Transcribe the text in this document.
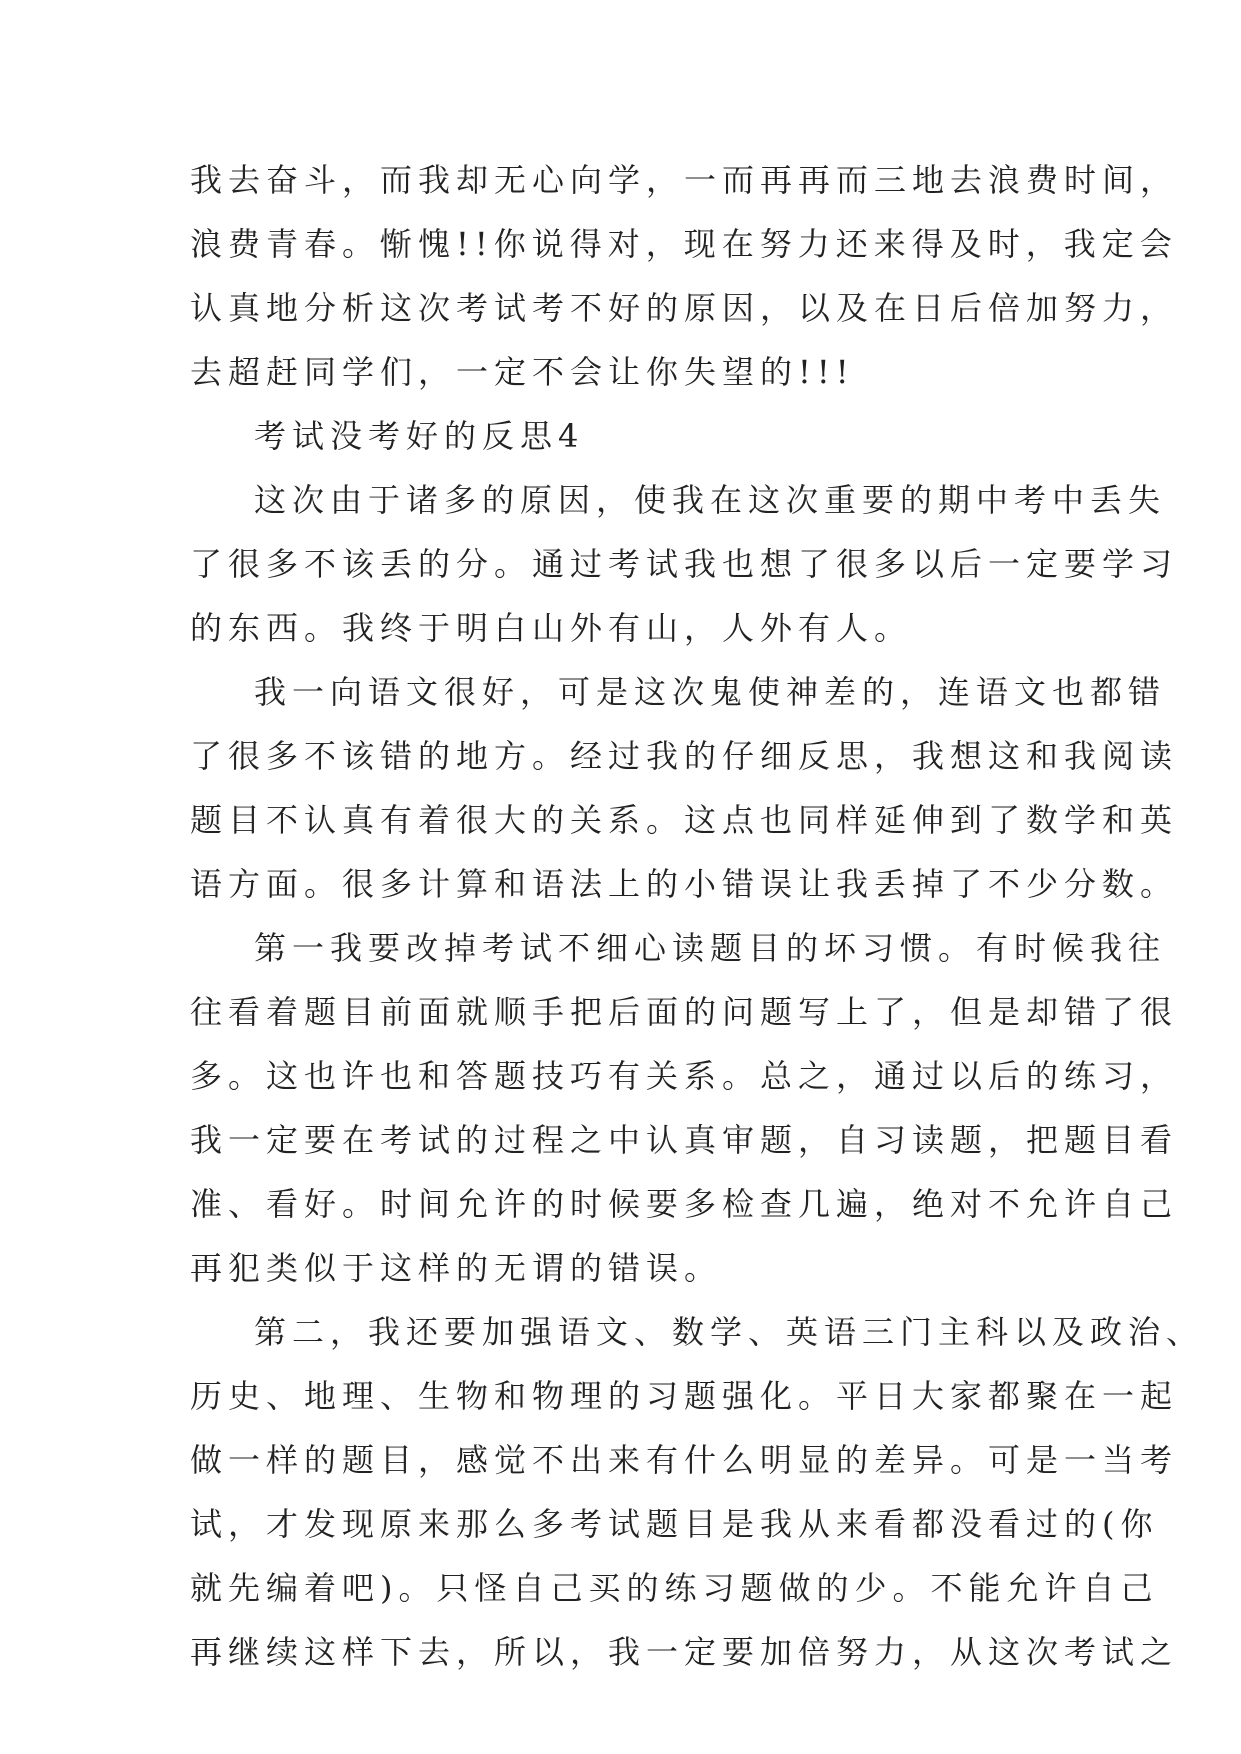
我去奋斗，而我却无心向学，一而再再而三地去浪费时间，
浪费青春。惭愧!!你说得对，现在努力还来得及时，我定会
认真地分析这次考试考不好的原因，以及在日后倍加努力，
去超赶同学们，一定不会让你失望的!!!
考试没考好的反思4
这次由于诸多的原因，使我在这次重要的期中考中丢失
了很多不该丢的分。通过考试我也想了很多以后一定要学习
的东西。我终于明白山外有山，人外有人。
我一向语文很好，可是这次鬼使神差的，连语文也都错
了很多不该错的地方。经过我的仔细反思，我想这和我阅读
题目不认真有着很大的关系。这点也同样延伸到了数学和英
语方面。很多计算和语法上的小错误让我丢掉了不少分数。
第一我要改掉考试不细心读题目的坏习惯。有时候我往
往看着题目前面就顺手把后面的问题写上了，但是却错了很
多。这也许也和答题技巧有关系。总之，通过以后的练习，
我一定要在考试的过程之中认真审题，自习读题，把题目看
准、看好。时间允许的时候要多检查几遍，绝对不允许自己
再犯类似于这样的无谓的错误。
第二，我还要加强语文、数学、英语三门主科以及政治、
历史、地理、生物和物理的习题强化。平日大家都聚在一起
做一样的题目，感觉不出来有什么明显的差异。可是一当考
试，才发现原来那么多考试题目是我从来看都没看过的(你
就先编着吧)。只怪自己买的练习题做的少。不能允许自己
再继续这样下去，所以，我一定要加倍努力，从这次考试之
